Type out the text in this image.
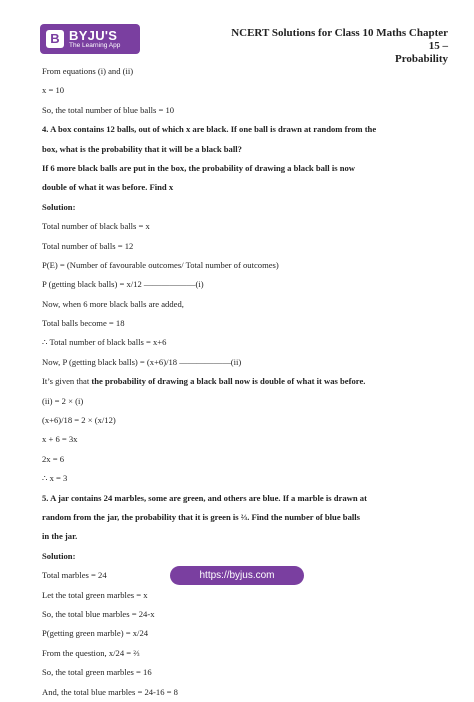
B BYJU'S
The Learning App
NCERT Solutions for Class 10 Maths Chapter 15 –
Probability
From equations (i) and (ii)
x = 10
So, the total number of blue balls = 10
4. A box contains 12 balls, out of which x are black. If one ball is drawn at random from the
box, what is the probability that it will be a black ball?
If 6 more black balls are put in the box, the probability of drawing a black ball is now
double of what it was before. Find x
Solution:
Total number of black balls = x
Total number of balls = 12
P(E) = (Number of favourable outcomes/ Total number of outcomes)
P (getting black balls) = x/12 ——————(i)
Now, when 6 more black balls are added,
Total balls become = 18
∴ Total number of black balls = x+6
Now, P (getting black balls) = (x+6)/18 ——————(ii)
It’s given that the probability of drawing a black ball now is double of what it was before.
(ii) = 2 × (i)
(x+6)/18 = 2 × (x/12)
x + 6 = 3x
2x = 6
∴ x = 3
5. A jar contains 24 marbles, some are green, and others are blue. If a marble is drawn at
random from the jar, the probability that it is green is ⅔. Find the number of blue balls
in the jar.
Solution:
Total marbles = 24
Let the total green marbles = x
So, the total blue marbles = 24-x
P(getting green marble) = x/24
From the question, x/24 = ⅔
So, the total green marbles = 16
And, the total blue marbles = 24-16 = 8
https://byjus.com
